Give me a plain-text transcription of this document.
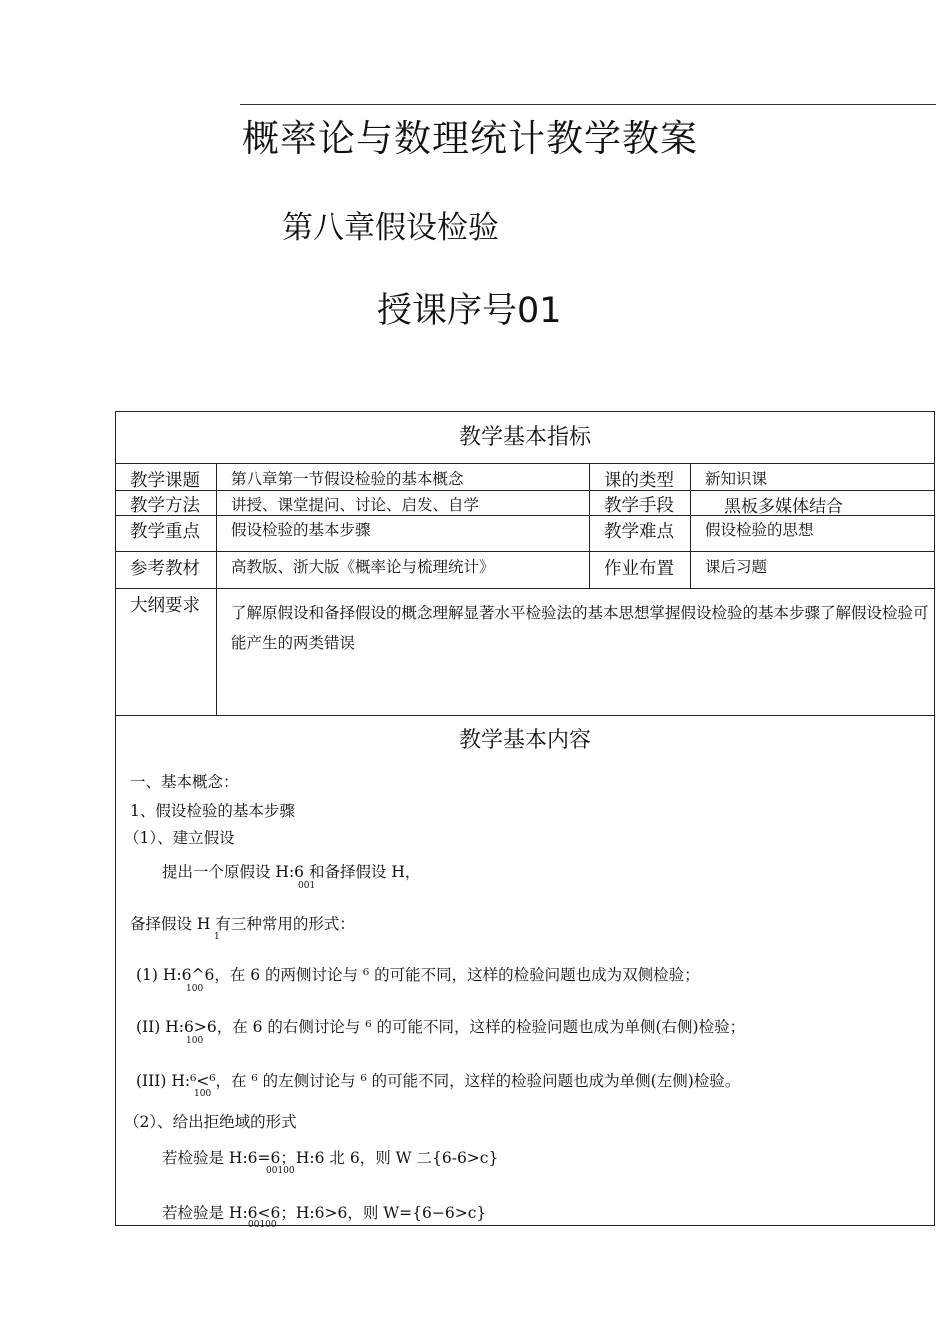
概率论与数理统计教学教案
第八章假设检验
授课序号01
教学基本指标
教学课题 第八章第一节假设检验的基本概念	课的类型 新知识课
教学方法 讲授、课堂提问、讨论、启发、自学	教学手段	黑板多媒体结合
教学重点 假设检验的基本步骤	教学难点 假设检验的思想
参考教材 高教版、浙大版《概率论与梳理统计》	作业布置 课后习题
大纲要求 了解原假设和备择假设的概念理解显著水平检验法的基本思想掌握假设检验的基本步骤了解假设检验可能产生的两类错误
教学基本内容
一、基本概念：
1、假设检验的基本步骤
（1）、建立假设
提出一个原假设 H:6 和备择假设 H，
001
备择假设 H 有三种常用的形式：
1
(1) H:6^6，在 6 的两侧讨论与 ⁶ 的可能不同，这样的检验问题也成为双侧检验；
100
(II) H:6>6，在 6 的右侧讨论与 ⁶ 的可能不同，这样的检验问题也成为单侧(右侧)检验；
100
(III) H:⁶<⁶，在 ⁶ 的左侧讨论与 ⁶ 的可能不同，这样的检验问题也成为单侧(左侧)检验。
100
（2）、给出拒绝域的形式
若检验是 H:6=6；H:6 北 6，则 W 二{6-6>c}
00100
若检验是 H:6<6；H:6>6，则 W={6−6>c}
00100
